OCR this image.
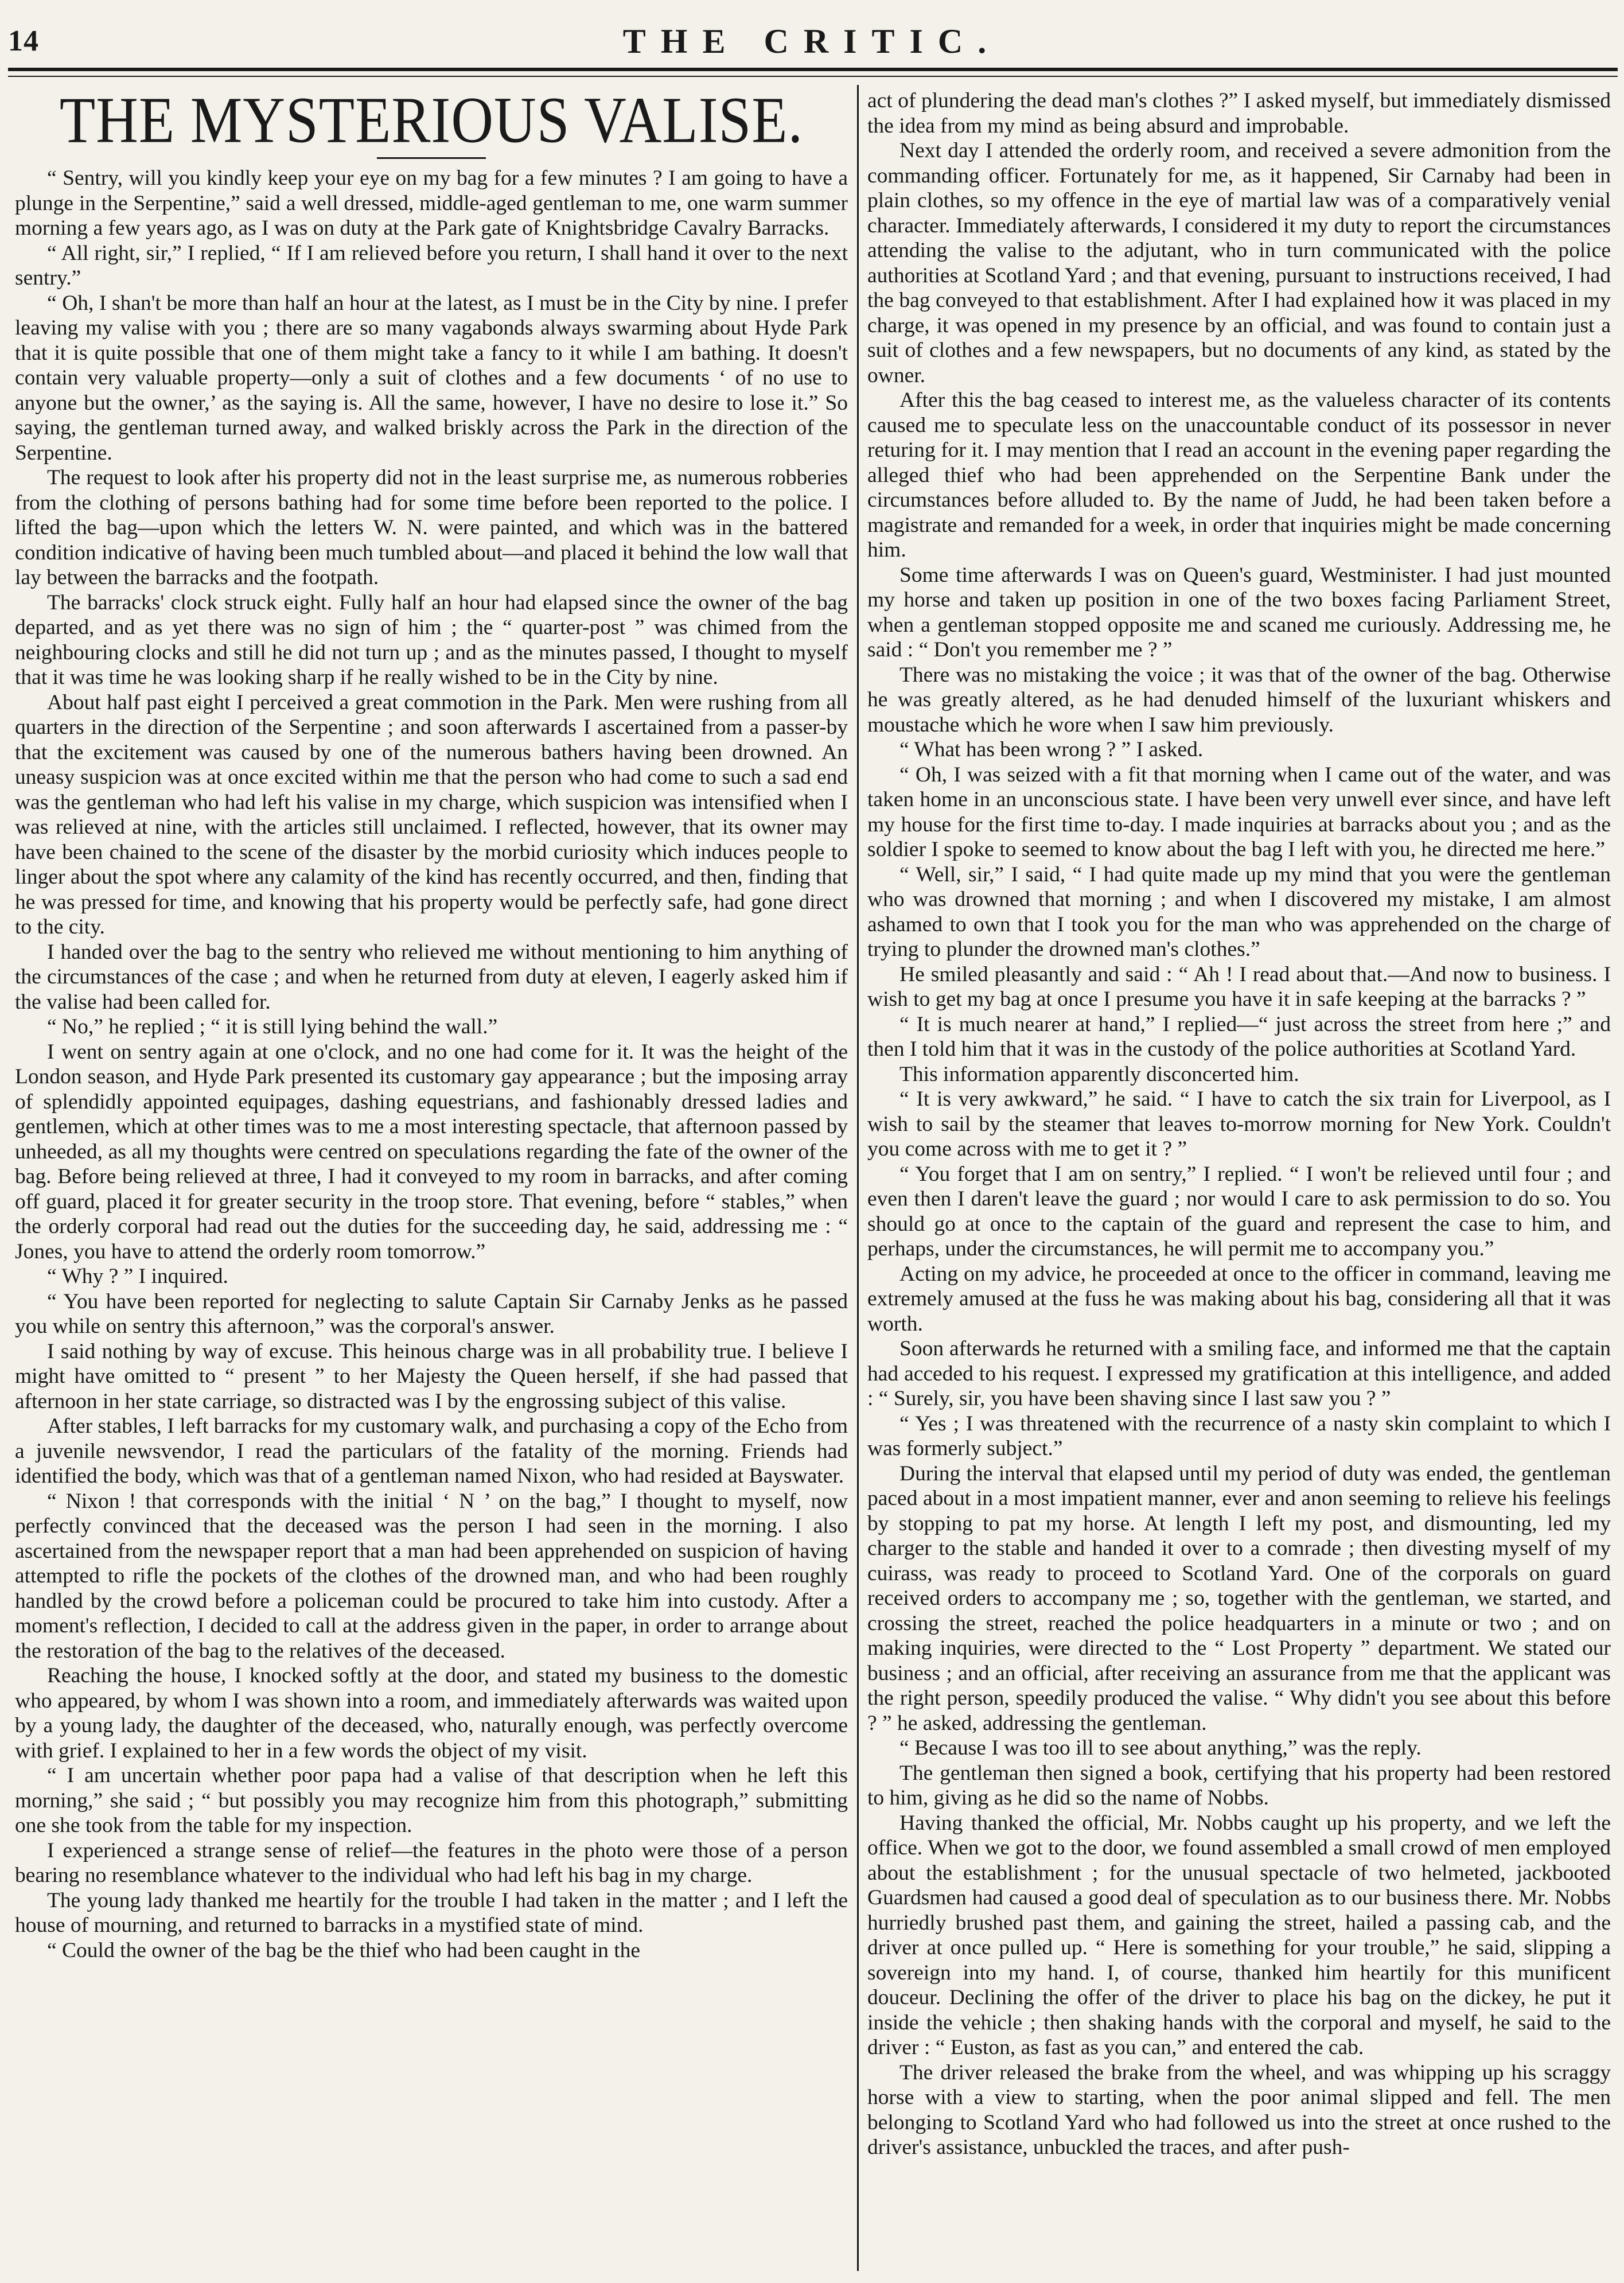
14	THE CRITIC.
THE MYSTERIOUS VALISE.

“ Sentry, will you kindly keep your eye on my bag for a few minutes ? I am going to have a plunge in the Serpentine,” said a well dressed, middle-aged gentleman to me, one warm summer morning a few years ago, as I was on duty at the Park gate of Knightsbridge Cavalry Barracks.

“ All right, sir,” I replied, “ If I am relieved before you return, I shall hand it over to the next sentry.”

“ Oh, I shan't be more than half an hour at the latest, as I must be in the City by nine. I prefer leaving my valise with you ; there are so many vagabonds always swarming about Hyde Park that it is quite possible that one of them might take a fancy to it while I am bathing. It doesn't contain very valuable property—only a suit of clothes and a few documents ‘ of no use to anyone but the owner,’ as the saying is. All the same, however, I have no desire to lose it.” So saying, the gentleman turned away, and walked briskly across the Park in the direction of the Serpentine.

The request to look after his property did not in the least surprise me, as numerous robberies from the clothing of persons bathing had for some time before been reported to the police. I lifted the bag—upon which the letters W. N. were painted, and which was in the battered condition indicative of having been much tumbled about—and placed it behind the low wall that lay between the barracks and the footpath.

The barracks' clock struck eight. Fully half an hour had elapsed since the owner of the bag departed, and as yet there was no sign of him ; the “ quarter-post ” was chimed from the neighbouring clocks and still he did not turn up ; and as the minutes passed, I thought to myself that it was time he was looking sharp if he really wished to be in the City by nine.

About half past eight I perceived a great commotion in the Park. Men were rushing from all quarters in the direction of the Serpentine ; and soon afterwards I ascertained from a passer-by that the excitement was caused by one of the numerous bathers having been drowned. An uneasy suspicion was at once excited within me that the person who had come to such a sad end was the gentleman who had left his valise in my charge, which suspicion was intensified when I was relieved at nine, with the articles still unclaimed. I reflected, however, that its owner may have been chained to the scene of the disaster by the morbid curiosity which induces people to linger about the spot where any calamity of the kind has recently occurred, and then, finding that he was pressed for time, and knowing that his property would be perfectly safe, had gone direct to the city.

I handed over the bag to the sentry who relieved me without mentioning to him anything of the circumstances of the case ; and when he returned from duty at eleven, I eagerly asked him if the valise had been called for.

“ No,” he replied ; “ it is still lying behind the wall.”

I went on sentry again at one o'clock, and no one had come for it. It was the height of the London season, and Hyde Park presented its customary gay appearance ; but the imposing array of splendidly appointed equipages, dashing equestrians, and fashionably dressed ladies and gentlemen, which at other times was to me a most interesting spectacle, that afternoon passed by unheeded, as all my thoughts were centred on speculations regarding the fate of the owner of the bag. Before being relieved at three, I had it conveyed to my room in barracks, and after coming off guard, placed it for greater security in the troop store. That evening, before “ stables,” when the orderly corporal had read out the duties for the succeeding day, he said, addressing me : “ Jones, you have to attend the orderly room tomorrow.”

“ Why ? ” I inquired.

“ You have been reported for neglecting to salute Captain Sir Carnaby Jenks as he passed you while on sentry this afternoon,” was the corporal's answer.

I said nothing by way of excuse. This heinous charge was in all probability true. I believe I might have omitted to “ present ” to her Majesty the Queen herself, if she had passed that afternoon in her state carriage, so distracted was I by the engrossing subject of this valise.

After stables, I left barracks for my customary walk, and purchasing a copy of the Echo from a juvenile newsvendor, I read the particulars of the fatality of the morning. Friends had identified the body, which was that of a gentleman named Nixon, who had resided at Bayswater.

“ Nixon ! that corresponds with the initial ‘ N ’ on the bag,” I thought to myself, now perfectly convinced that the deceased was the person I had seen in the morning. I also ascertained from the newspaper report that a man had been apprehended on suspicion of having attempted to rifle the pockets of the clothes of the drowned man, and who had been roughly handled by the crowd before a policeman could be procured to take him into custody. After a moment's reflection, I decided to call at the address given in the paper, in order to arrange about the restoration of the bag to the relatives of the deceased.

Reaching the house, I knocked softly at the door, and stated my business to the domestic who appeared, by whom I was shown into a room, and immediately afterwards was waited upon by a young lady, the daughter of the deceased, who, naturally enough, was perfectly overcome with grief. I explained to her in a few words the object of my visit.

“ I am uncertain whether poor papa had a valise of that description when he left this morning,” she said ; “ but possibly you may recognize him from this photograph,” submitting one she took from the table for my inspection.

I experienced a strange sense of relief—the features in the photo were those of a person bearing no resemblance whatever to the individual who had left his bag in my charge.

The young lady thanked me heartily for the trouble I had taken in the matter ; and I left the house of mourning, and returned to barracks in a mystified state of mind.

“ Could the owner of the bag be the thief who had been caught in the

act of plundering the dead man's clothes ?” I asked myself, but immediately dismissed the idea from my mind as being absurd and improbable.

Next day I attended the orderly room, and received a severe admonition from the commanding officer. Fortunately for me, as it happened, Sir Carnaby had been in plain clothes, so my offence in the eye of martial law was of a comparatively venial character. Immediately afterwards, I considered it my duty to report the circumstances attending the valise to the adjutant, who in turn communicated with the police authorities at Scotland Yard ; and that evening, pursuant to instructions received, I had the bag conveyed to that establishment. After I had explained how it was placed in my charge, it was opened in my presence by an official, and was found to contain just a suit of clothes and a few newspapers, but no documents of any kind, as stated by the owner.

After this the bag ceased to interest me, as the valueless character of its contents caused me to speculate less on the unaccountable conduct of its possessor in never returing for it. I may mention that I read an account in the evening paper regarding the alleged thief who had been apprehended on the Serpentine Bank under the circumstances before alluded to. By the name of Judd, he had been taken before a magistrate and remanded for a week, in order that inquiries might be made concerning him.

Some time afterwards I was on Queen's guard, Westminister. I had just mounted my horse and taken up position in one of the two boxes facing Parliament Street, when a gentleman stopped opposite me and scaned me curiously. Addressing me, he said : “ Don't you remember me ? ”

There was no mistaking the voice ; it was that of the owner of the bag. Otherwise he was greatly altered, as he had denuded himself of the luxuriant whiskers and moustache which he wore when I saw him previously.

“ What has been wrong ? ” I asked.

“ Oh, I was seized with a fit that morning when I came out of the water, and was taken home in an unconscious state. I have been very unwell ever since, and have left my house for the first time to-day. I made inquiries at barracks about you ; and as the soldier I spoke to seemed to know about the bag I left with you, he directed me here.”

“ Well, sir,” I said, “ I had quite made up my mind that you were the gentleman who was drowned that morning ; and when I discovered my mistake, I am almost ashamed to own that I took you for the man who was apprehended on the charge of trying to plunder the drowned man's clothes.”

He smiled pleasantly and said : “ Ah ! I read about that.—And now to business. I wish to get my bag at once I presume you have it in safe keeping at the barracks ? ”

“ It is much nearer at hand,” I replied—“ just across the street from here ;” and then I told him that it was in the custody of the police authorities at Scotland Yard.

This information apparently disconcerted him.

“ It is very awkward,” he said. “ I have to catch the six train for Liverpool, as I wish to sail by the steamer that leaves to-morrow morning for New York. Couldn't you come across with me to get it ? ”

“ You forget that I am on sentry,” I replied. “ I won't be relieved until four ; and even then I daren't leave the guard ; nor would I care to ask permission to do so. You should go at once to the captain of the guard and represent the case to him, and perhaps, under the circumstances, he will permit me to accompany you.”

Acting on my advice, he proceeded at once to the officer in command, leaving me extremely amused at the fuss he was making about his bag, considering all that it was worth.

Soon afterwards he returned with a smiling face, and informed me that the captain had acceded to his request. I expressed my gratification at this intelligence, and added : “ Surely, sir, you have been shaving since I last saw you ? ”

“ Yes ; I was threatened with the recurrence of a nasty skin complaint to which I was formerly subject.”

During the interval that elapsed until my period of duty was ended, the gentleman paced about in a most impatient manner, ever and anon seeming to relieve his feelings by stopping to pat my horse. At length I left my post, and dismounting, led my charger to the stable and handed it over to a comrade ; then divesting myself of my cuirass, was ready to proceed to Scotland Yard. One of the corporals on guard received orders to accompany me ; so, together with the gentleman, we started, and crossing the street, reached the police headquarters in a minute or two ; and on making inquiries, were directed to the “ Lost Property ” department. We stated our business ; and an official, after receiving an assurance from me that the applicant was the right person, speedily produced the valise. “ Why didn't you see about this before ? ” he asked, addressing the gentleman.

“ Because I was too ill to see about anything,” was the reply.

The gentleman then signed a book, certifying that his property had been restored to him, giving as he did so the name of Nobbs.

Having thanked the official, Mr. Nobbs caught up his property, and we left the office. When we got to the door, we found assembled a small crowd of men employed about the establishment ; for the unusual spectacle of two helmeted, jackbooted Guardsmen had caused a good deal of speculation as to our business there. Mr. Nobbs hurriedly brushed past them, and gaining the street, hailed a passing cab, and the driver at once pulled up. “ Here is something for your trouble,” he said, slipping a sovereign into my hand. I, of course, thanked him heartily for this munificent douceur. Declining the offer of the driver to place his bag on the dickey, he put it inside the vehicle ; then shaking hands with the corporal and myself, he said to the driver : “ Euston, as fast as you can,” and entered the cab.

The driver released the brake from the wheel, and was whipping up his scraggy horse with a view to starting, when the poor animal slipped and fell. The men belonging to Scotland Yard who had followed us into the street at once rushed to the driver's assistance, unbuckled the traces, and after push-
